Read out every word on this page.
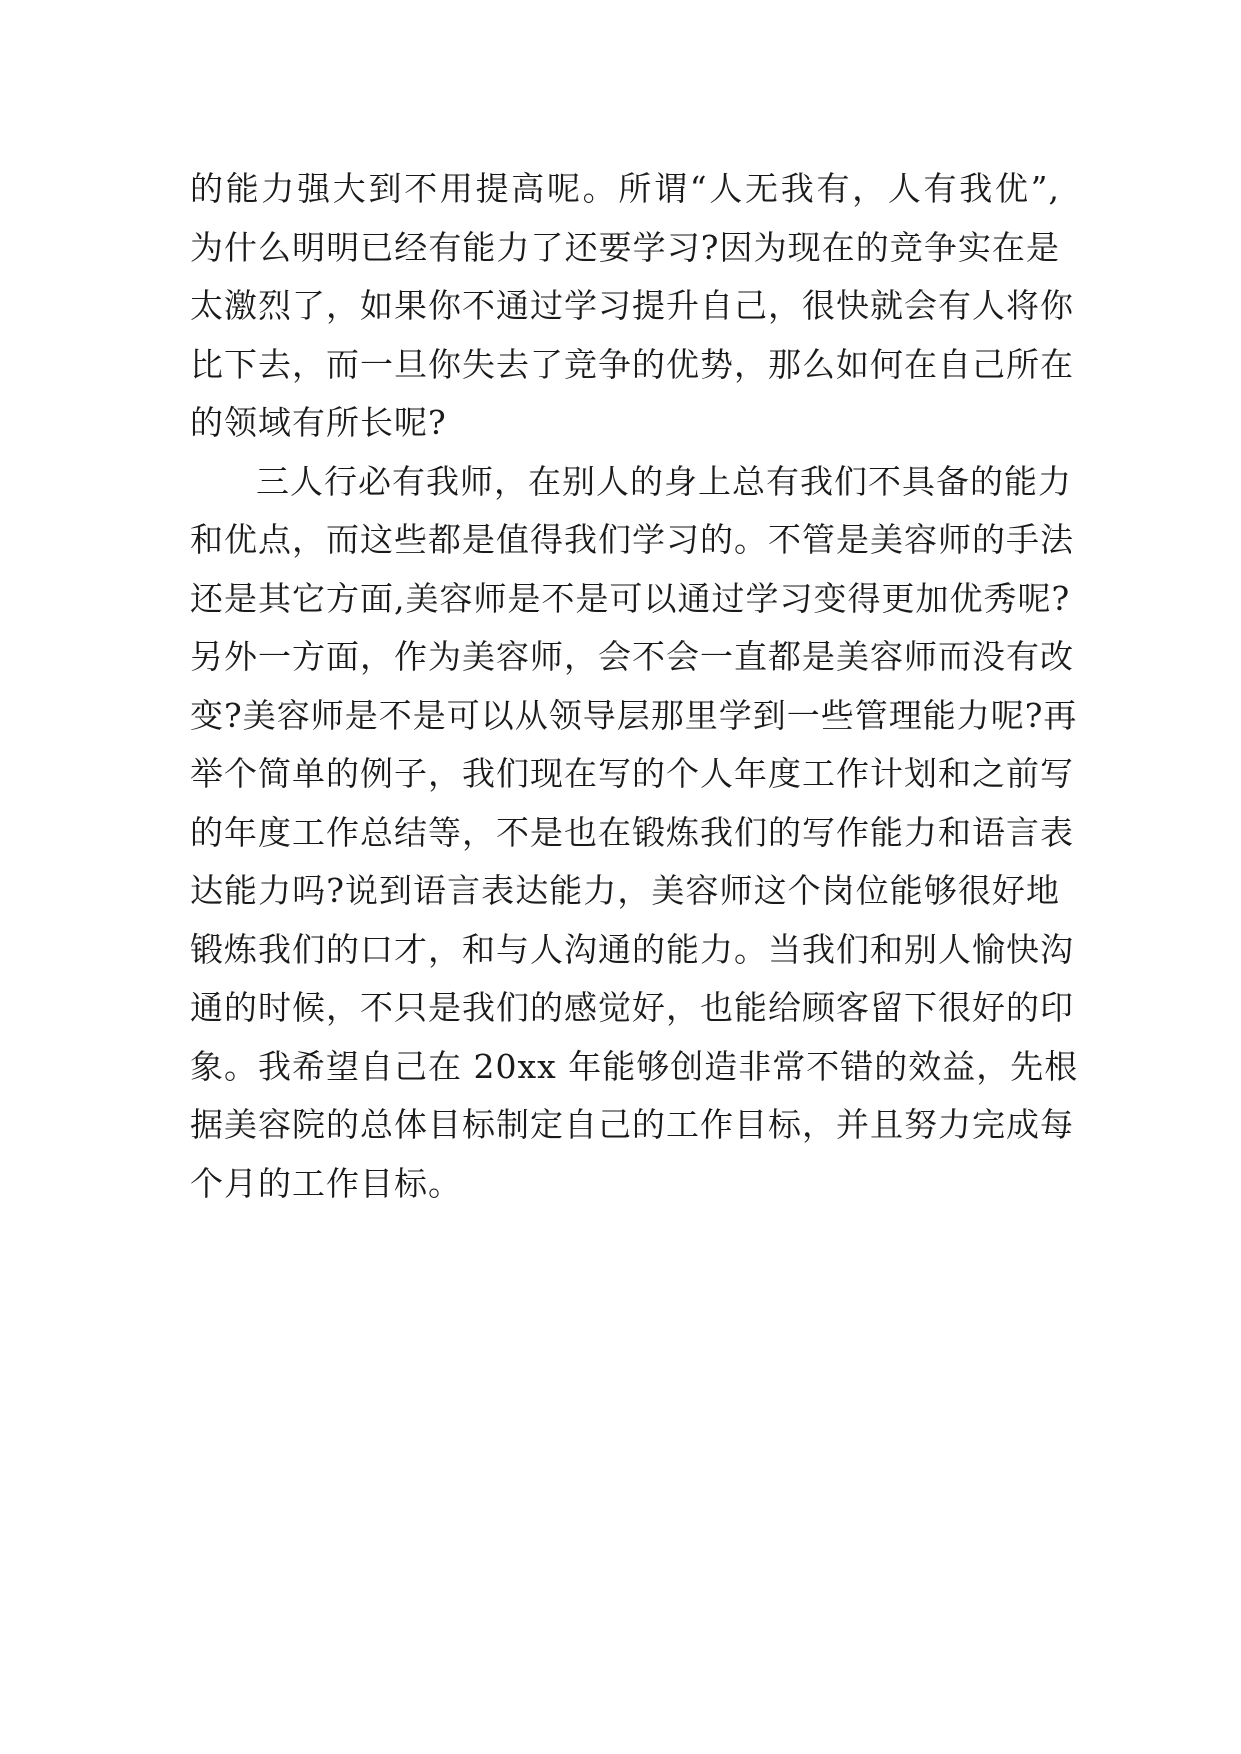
的能力强大到不用提高呢。所谓“人无我有，人有我优”,
为什么明明已经有能力了还要学习?因为现在的竞争实在是
太激烈了，如果你不通过学习提升自己，很快就会有人将你
比下去，而一旦你失去了竞争的优势，那么如何在自己所在
的领域有所长呢?
三人行必有我师，在别人的身上总有我们不具备的能力
和优点，而这些都是值得我们学习的。不管是美容师的手法
还是其它方面,美容师是不是可以通过学习变得更加优秀呢?
另外一方面，作为美容师，会不会一直都是美容师而没有改
变?美容师是不是可以从领导层那里学到一些管理能力呢?再
举个简单的例子，我们现在写的个人年度工作计划和之前写
的年度工作总结等，不是也在锻炼我们的写作能力和语言表
达能力吗?说到语言表达能力，美容师这个岗位能够很好地
锻炼我们的口才，和与人沟通的能力。当我们和别人愉快沟
通的时候，不只是我们的感觉好，也能给顾客留下很好的印
象。我希望自己在 20xx 年能够创造非常不错的效益，先根
据美容院的总体目标制定自己的工作目标，并且努力完成每
个月的工作目标。
